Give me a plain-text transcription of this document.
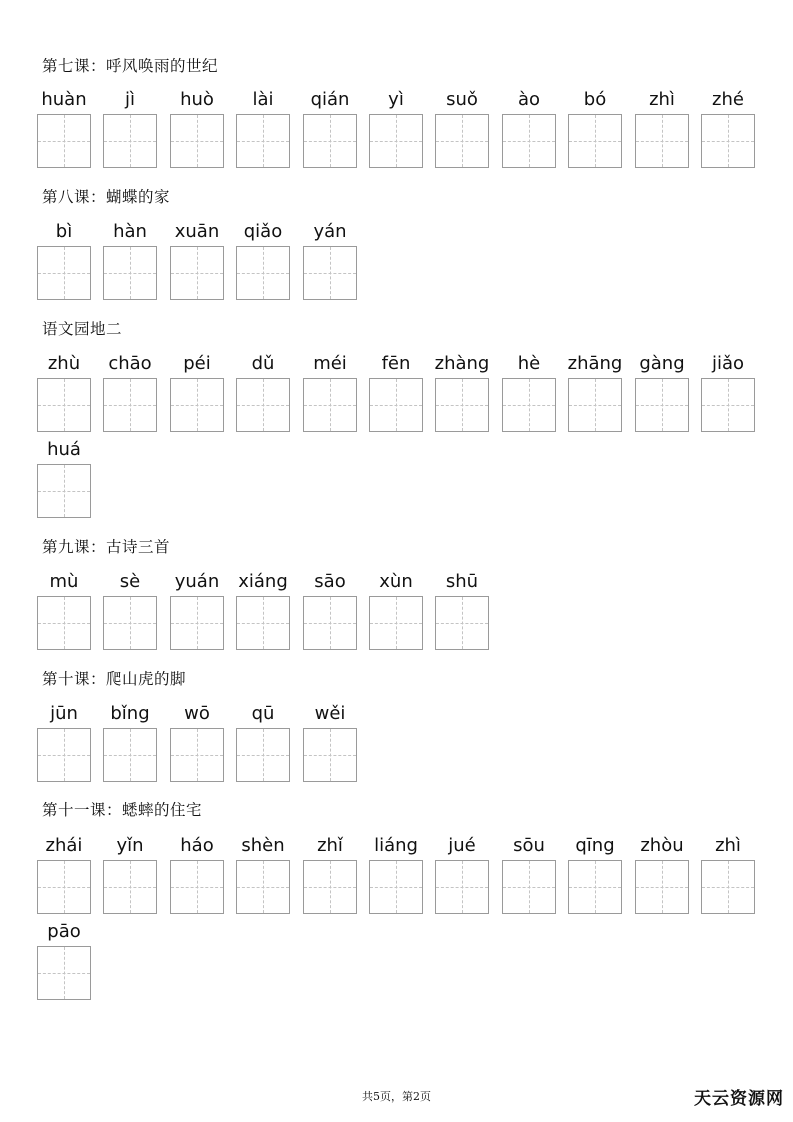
第七课：呼风唤雨的世纪
huàn	jì	huò	lài	qián	yì	suǒ	ào	bó	zhì	zhé
第八课：蝴蝶的家
bì	hàn	xuān	qiǎo	yán
语文园地二
zhù	chāo	péi	dǔ	méi	fēn	zhàng	hè	zhāng gàng	jiǎo
huá
第九课：古诗三首
mù	sè	yuán	xiáng	sāo	xùn	shū
第十课：爬山虎的脚
jūn	bǐng	wō	qū	wěi
第十一课：蟋蟀的住宅
zhái	yǐn	háo	shèn	zhǐ	liáng	jué	sōu	qīng	zhòu	zhì
pāo
共5页，第2页	天云资源网
